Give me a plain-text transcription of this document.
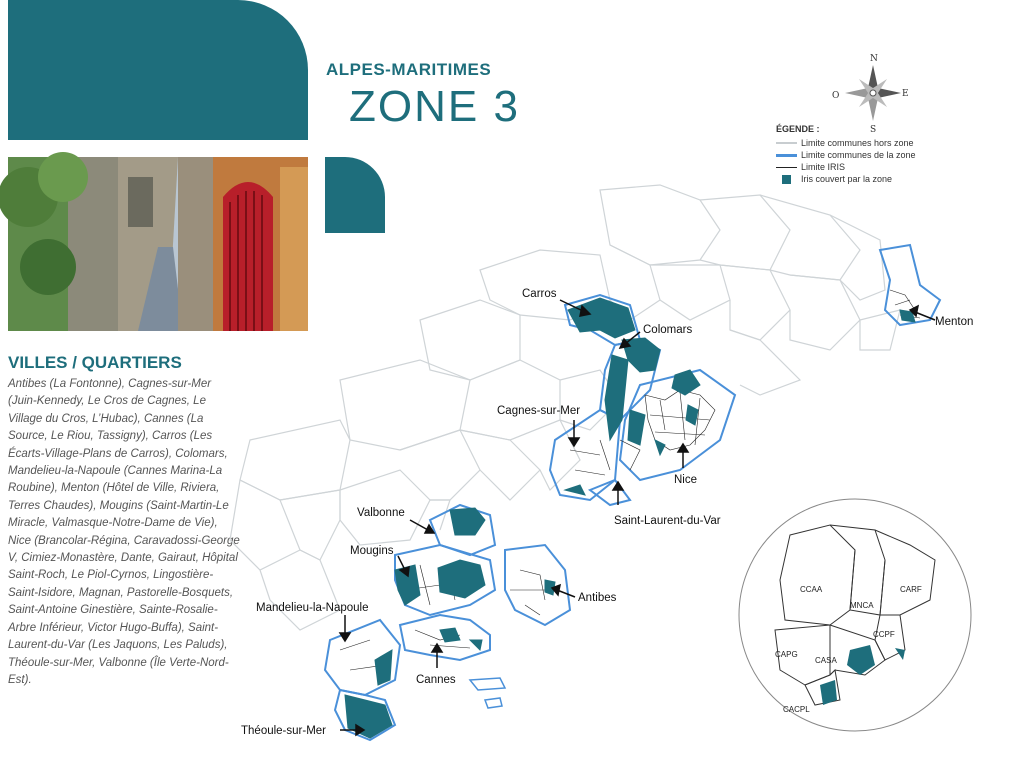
ALPES-MARITIMES
ZONE 3
VILLES / QUARTIERS

Antibes (La Fontonne), Cagnes-sur-Mer (Juin-Kennedy, Le Cros de Cagnes, Le Village du Cros, L’Hubac), Cannes (La Source, Le Riou, Tassigny), Carros (Les Écarts-Village-Plans de Carros), Colomars, Mandelieu-la-Napoule (Cannes Marina-La Roubine), Menton (Hôtel de Ville, Riviera, Terres Chaudes), Mougins (Saint-Martin-Le Miracle, Valmasque-Notre-Dame de Vie), Nice (Brancolar-Régina, Caravadossi-George V, Cimiez-Monastère, Dante, Gairaut, Hôpital Saint-Roch, Le Piol-Cyrnos, Lingostière-Saint-Isidore, Magnan, Pastorelle-Bosquets, Saint-Antoine Ginestière, Sainte-Rosalie-Arbre Inférieur, Victor Hugo-Buffa), Saint-Laurent-du-Var (Les Jaquons, Les Paluds), Théoule-sur-Mer, Valbonne (Île Verte-Nord-Est).

N
S
E
O
ÉGENDE :
Limite communes hors zone
Limite communes de la zone
Limite IRIS
Iris couvert par la zone
Carros
Colomars
Menton
Cagnes-sur-Mer
Nice
Saint-Laurent-du-Var
Valbonne
Mougins
Antibes
Mandelieu-la-Napoule
Cannes
Théoule-sur-Mer
CCAA
MNCA
CARF
CCPF
CAPG
CASA
CACPL
